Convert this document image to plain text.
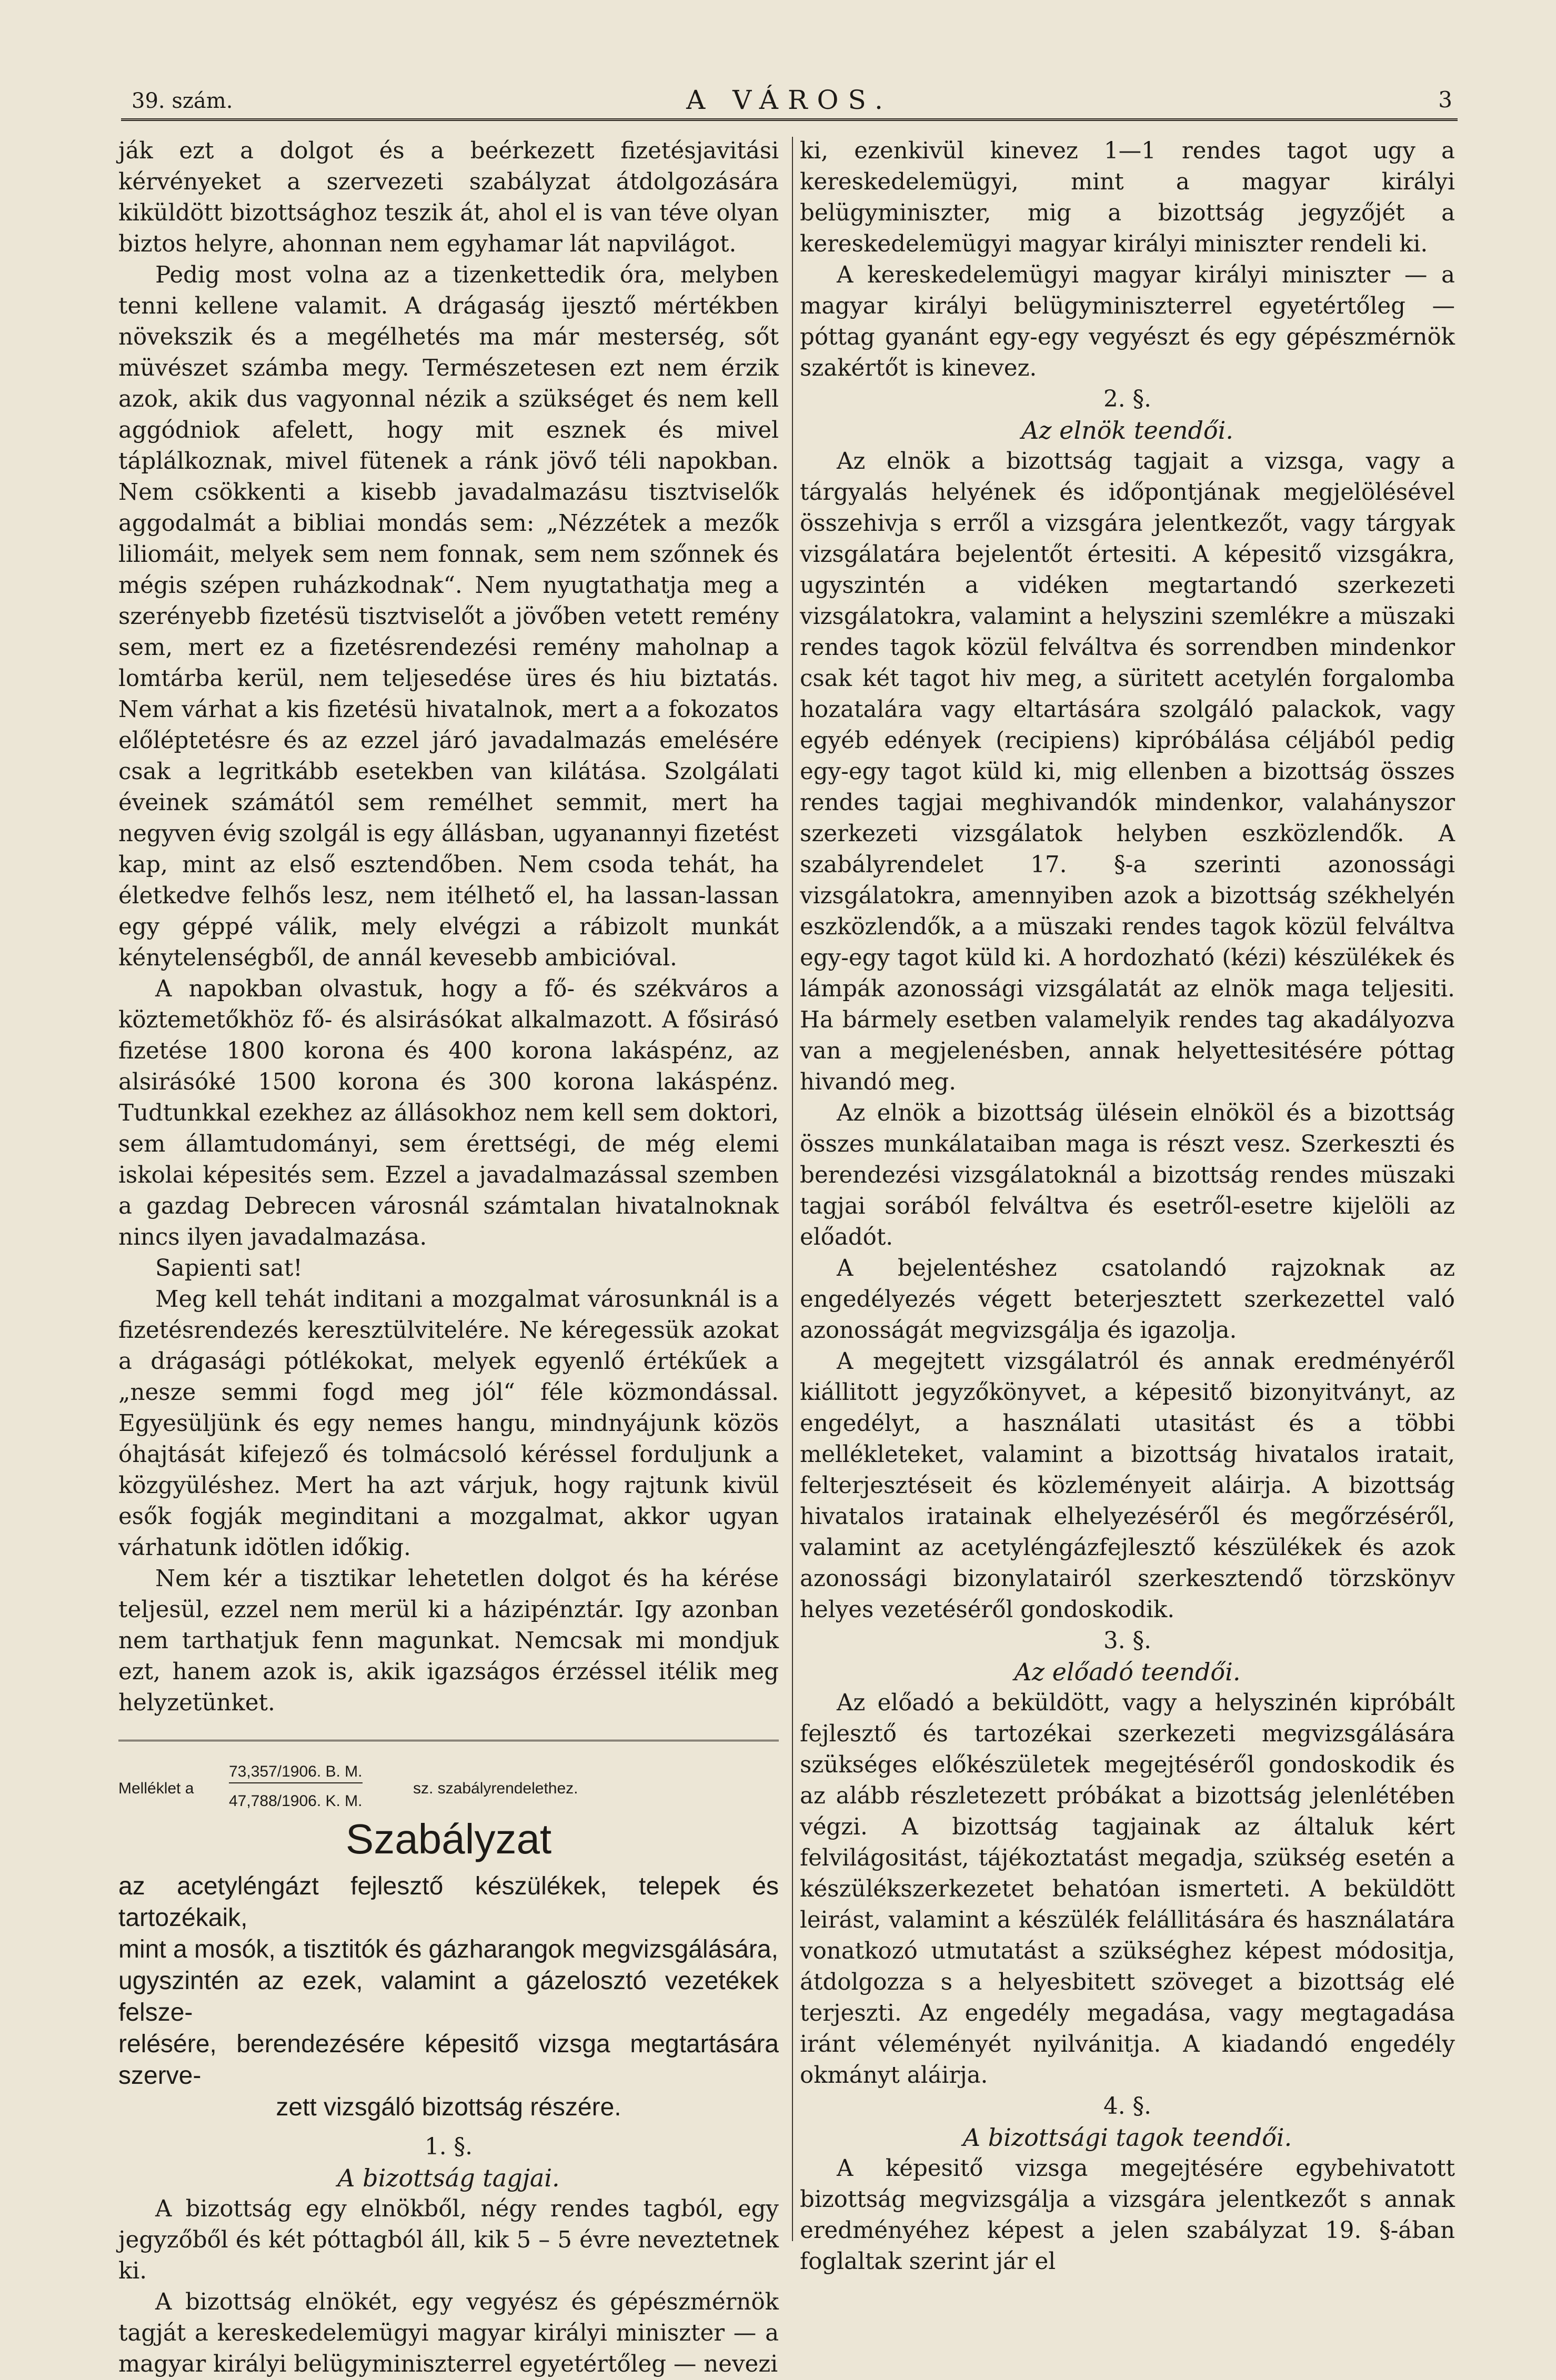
39. szám.	A VÁROS.	3

ják ezt a dolgot és a beérkezett fizetésjavitási kérvényeket a szervezeti szabályzat átdolgozására kiküldött bizottsághoz teszik át, ahol el is van téve olyan biztos helyre, ahonnan nem egyhamar lát napvilágot.

Pedig most volna az a tizenkettedik óra, melyben tenni kellene valamit. A drágaság ijesztő mértékben növekszik és a megélhetés ma már mesterség, sőt müvészet számba megy. Természetesen ezt nem érzik azok, akik dus vagyonnal nézik a szükséget és nem kell aggódniok afelett, hogy mit esznek és mivel táplálkoznak, mivel fütenek a ránk jövő téli napokban. Nem csökkenti a kisebb javadalmazásu tisztviselők aggodalmát a bibliai mondás sem: „Nézzétek a mezők liliomáit, melyek sem nem fonnak, sem nem szőnnek és mégis szépen ruházkodnak“. Nem nyugtathatja meg a szerényebb fizetésü tisztviselőt a jövőben vetett remény sem, mert ez a fizetésrendezési remény maholnap a lomtárba kerül, nem teljesedése üres és hiu biztatás. Nem várhat a kis fizetésü hivatalnok, mert a a fokozatos előléptetésre és az ezzel járó javadalmazás emelésére csak a legritkább esetekben van kilátása. Szolgálati éveinek számától sem remélhet semmit, mert ha negyven évig szolgál is egy állásban, ugyanannyi fizetést kap, mint az első esztendőben. Nem csoda tehát, ha életkedve felhős lesz, nem itélhető el, ha lassan-lassan egy géppé válik, mely elvégzi a rábizolt munkát kénytelenségből, de annál kevesebb ambicióval.

A napokban olvastuk, hogy a fő- és székváros a köztemetőkhöz fő- és alsirásókat alkalmazott. A fősirásó fizetése 1800 korona és 400 korona lakáspénz, az alsirásóké 1500 korona és 300 korona lakáspénz. Tudtunkkal ezekhez az állásokhoz nem kell sem doktori, sem államtudományi, sem érettségi, de még elemi iskolai képesités sem. Ezzel a javadalmazással szemben a gazdag Debrecen városnál számtalan hivatalnoknak nincs ilyen javadalmazása.

Sapienti sat!

Meg kell tehát inditani a mozgalmat városunknál is a fizetésrendezés keresztülvitelére. Ne kéregessük azokat a drágasági pótlékokat, melyek egyenlő értékűek a „nesze semmi fogd meg jól“ féle közmondással. Egyesüljünk és egy nemes hangu, mindnyájunk közös óhajtását kifejező és tolmácsoló kéréssel forduljunk a közgyüléshez. Mert ha azt várjuk, hogy rajtunk kivül esők fogják meginditani a mozgalmat, akkor ugyan várhatunk idötlen időkig.

Nem kér a tisztikar lehetetlen dolgot és ha kérése teljesül, ezzel nem merül ki a házipénztár. Igy azonban nem tarthatjuk fenn magunkat. Nemcsak mi mondjuk ezt, hanem azok is, akik igazságos érzéssel itélik meg helyzetünket.

Melléklet a
73,357/1906. B. M.
47,788/1906. K. M.
sz. szabályrendelethez.
Szabályzat
az acetyléngázt fejlesztő készülékek, telepek és tartozékaik,
mint a mosók, a tisztitók és gázharangok megvizsgálására,
ugyszintén az ezek, valamint a gázelosztó vezetékek felsze-
relésére, berendezésére képesitő vizsga megtartására szerve-
zett vizsgáló bizottság részére.

1. §.

A bizottság tagjai.

A bizottság egy elnökből, négy rendes tagból, egy jegyzőből és két póttagból áll, kik 5 – 5 évre neveztetnek ki.

A bizottság elnökét, egy vegyész és gépészmérnök tagját a kereskedelemügyi magyar királyi miniszter — a magyar királyi belügyminiszterrel egyetértőleg — nevezi

ki, ezenkivül kinevez 1—1 rendes tagot ugy a kereskedelemügyi, mint a magyar királyi belügyminiszter, mig a bizottság jegyzőjét a kereskedelemügyi magyar királyi miniszter rendeli ki.

A kereskedelemügyi magyar királyi miniszter — a magyar királyi belügyminiszterrel egyetértőleg — póttag gyanánt egy-egy vegyészt és egy gépészmérnök szakértőt is kinevez.

2. §.

Az elnök teendői.

Az elnök a bizottság tagjait a vizsga, vagy a tárgyalás helyének és időpontjának megjelölésével összehivja s erről a vizsgára jelentkezőt, vagy tárgyak vizsgálatára bejelentőt értesiti. A képesitő vizsgákra, ugyszintén a vidéken megtartandó szerkezeti vizsgálatokra, valamint a helyszini szemlékre a müszaki rendes tagok közül felváltva és sorrendben mindenkor csak két tagot hiv meg, a süritett acetylén forgalomba hozatalára vagy eltartására szolgáló palackok, vagy egyéb edények (recipiens) kipróbálása céljából pedig egy-egy tagot küld ki, mig ellenben a bizottság összes rendes tagjai meghivandók mindenkor, valahányszor szerkezeti vizsgálatok helyben eszközlendők. A szabályrendelet 17. §-a szerinti azonossági vizsgálatokra, amennyiben azok a bizottság székhelyén eszközlendők, a a müszaki rendes tagok közül felváltva egy-egy tagot küld ki. A hordozható (kézi) készülékek és lámpák azonossági vizsgálatát az elnök maga teljesiti. Ha bármely esetben valamelyik rendes tag akadályozva van a megjelenésben, annak helyettesitésére póttag hivandó meg.

Az elnök a bizottság ülésein elnököl és a bizottság összes munkálataiban maga is részt vesz. Szerkeszti és berendezési vizsgálatoknál a bizottság rendes müszaki tagjai sorából felváltva és esetről-esetre kijelöli az előadót.

A bejelentéshez csatolandó rajzoknak az engedélyezés végett beterjesztett szerkezettel való azonosságát megvizsgálja és igazolja.

A megejtett vizsgálatról és annak eredményéről kiállitott jegyzőkönyvet, a képesitő bizonyitványt, az engedélyt, a használati utasitást és a többi mellékleteket, valamint a bizottság hivatalos iratait, felterjesztéseit és közleményeit aláirja. A bizottság hivatalos iratainak elhelyezéséről és megőrzéséről, valamint az acetyléngázfejlesztő készülékek és azok azonossági bizonylatairól szerkesztendő törzskönyv helyes vezetéséről gondoskodik.

3. §.

Az előadó teendői.

Az előadó a beküldött, vagy a helyszinén kipróbált fejlesztő és tartozékai szerkezeti megvizsgálására szükséges előkészületek megejtéséről gondoskodik és az alább részletezett próbákat a bizottság jelenlétében végzi. A bizottság tagjainak az általuk kért felvilágositást, tájékoztatást megadja, szükség esetén a készülékszerkezetet behatóan ismerteti. A beküldött leirást, valamint a készülék felállitására és használatára vonatkozó utmutatást a szükséghez képest módositja, átdolgozza s a helyesbitett szöveget a bizottság elé terjeszti. Az engedély megadása, vagy megtagadása iránt véleményét nyilvánitja. A kiadandó engedély okmányt aláirja.

4. §.

A bizottsági tagok teendői.

A képesitő vizsga megejtésére egybehivatott bizottság megvizsgálja a vizsgára jelentkezőt s annak eredményéhez képest a jelen szabályzat 19. §-ában foglaltak szerint jár el
